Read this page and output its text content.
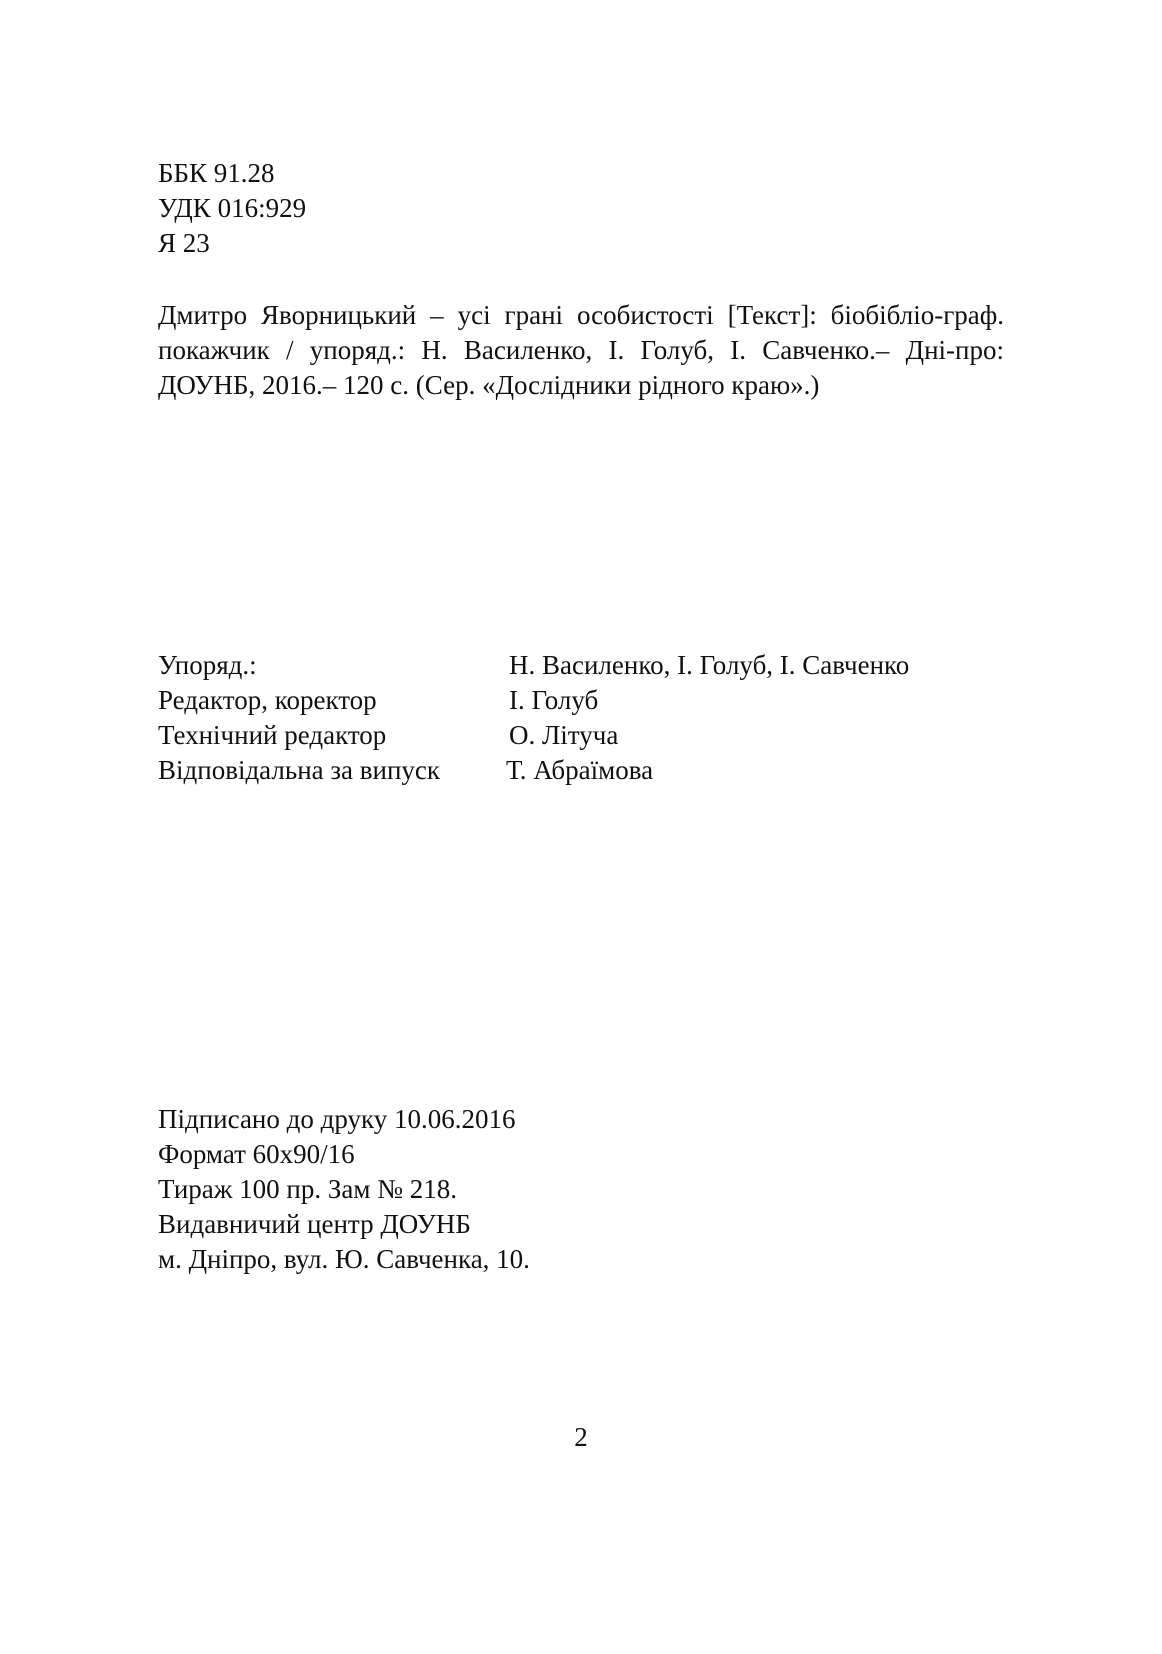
ББК 91.28
УДК 016:929
Я 23
Дмитро Яворницький – усі грані особистості [Текст]: біобібліо-граф. покажчик / упоряд.: Н. Василенко, І. Голуб, І. Савченко.– Дні-про: ДОУНБ, 2016.– 120 с. (Сер. «Дослідники рідного краю».)
Упоряд.:	Н. Василенко, І. Голуб, І. Савченко
Редактор, коректор	І. Голуб
Технічний редактор	О. Літуча
Відповідальна за випуск	Т. Абраїмова
Підписано до друку 10.06.2016
Формат 60х90/16
Тираж 100 пр. Зам № 218.
Видавничий центр ДОУНБ
м. Дніпро, вул. Ю. Савченка, 10.
2
